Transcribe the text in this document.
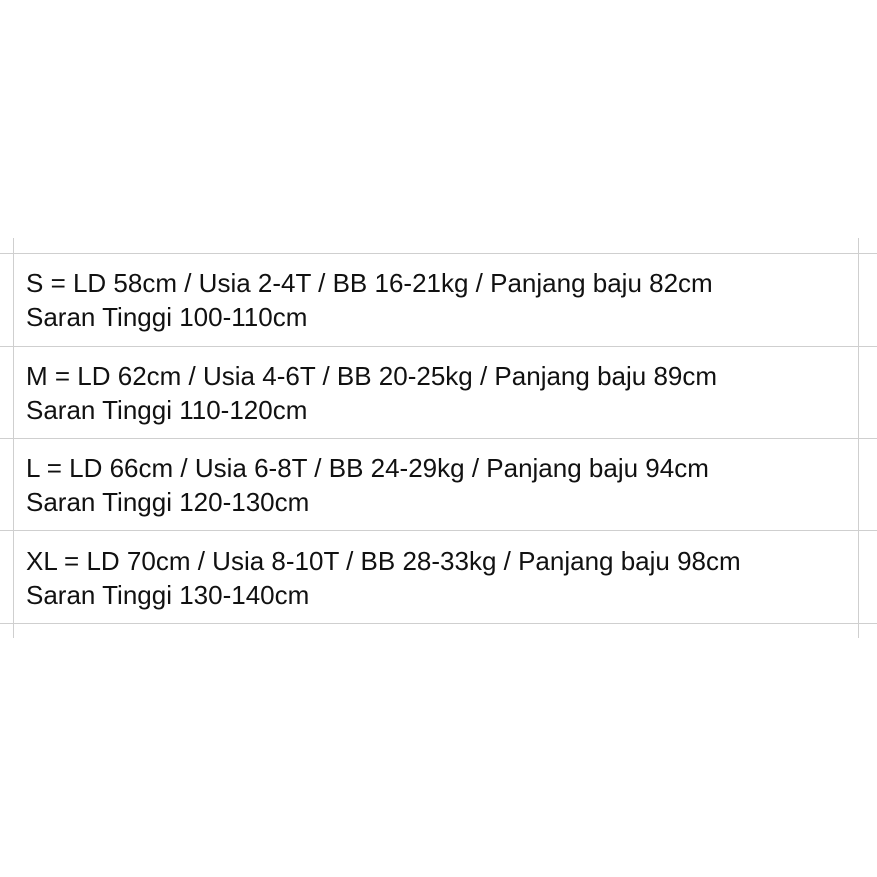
S = LD 58cm / Usia 2-4T / BB 16-21kg / Panjang baju 82cm
Saran Tinggi 100-110cm
M = LD 62cm / Usia 4-6T / BB 20-25kg / Panjang baju 89cm
Saran Tinggi 110-120cm
L = LD 66cm / Usia 6-8T / BB 24-29kg / Panjang baju 94cm
Saran Tinggi 120-130cm
XL = LD 70cm / Usia 8-10T / BB 28-33kg / Panjang baju 98cm
Saran Tinggi 130-140cm
